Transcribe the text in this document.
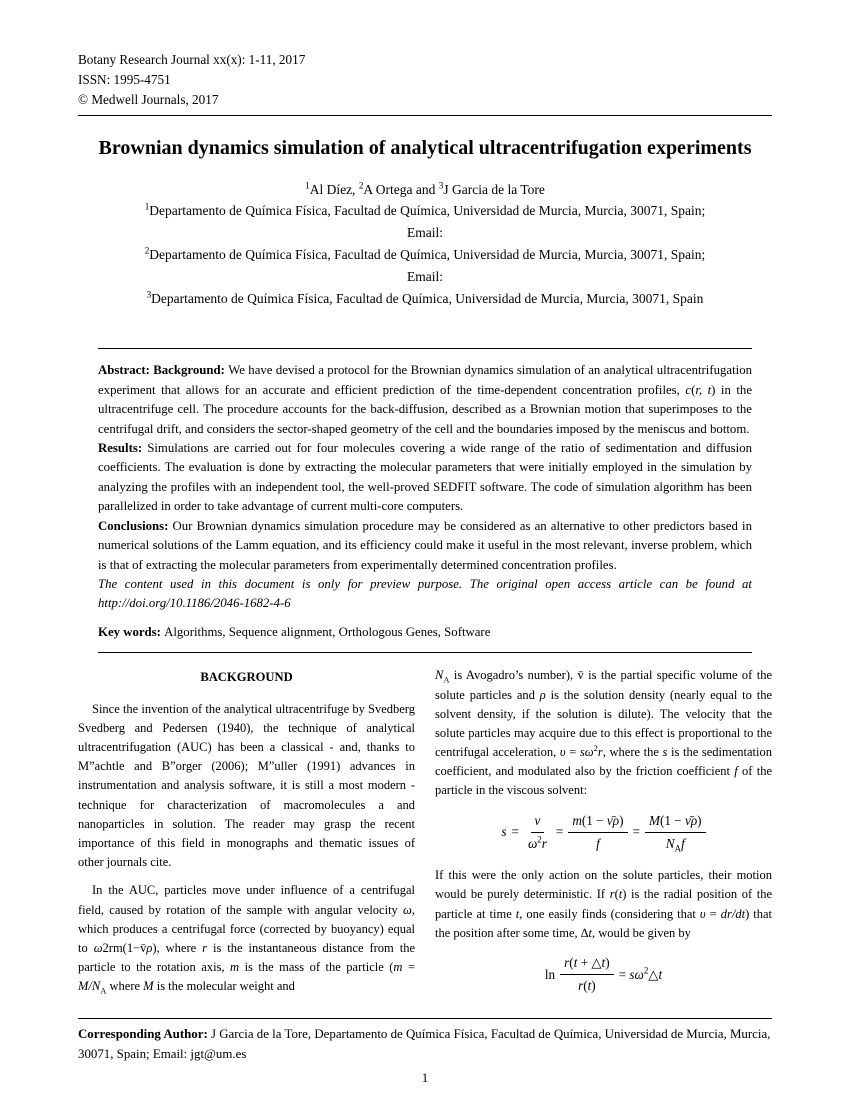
Botany Research Journal xx(x): 1-11, 2017
ISSN: 1995-4751
© Medwell Journals, 2017
Brownian dynamics simulation of analytical ultracentrifugation experiments
$^1$Al Díez, $^2$A Ortega and $^3$J Garcia de la Tore
$^1$Departamento de Química Física, Facultad de Química, Universidad de Murcia, Murcia, 30071, Spain;
Email:
$^2$Departamento de Química Física, Facultad de Química, Universidad de Murcia, Murcia, 30071, Spain;
Email:
$^3$Departamento de Química Física, Facultad de Química, Universidad de Murcia, Murcia, 30071, Spain

Abstract: Background: We have devised a protocol for the Brownian dynamics simulation of an analytical ultracentrifugation experiment that allows for an accurate and efficient prediction of the time-dependent concentration profiles, c(r, t) in the ultracentrifuge cell. The procedure accounts for the back-diffusion, described as a Brownian motion that superimposes to the centrifugal drift, and considers the sector-shaped geometry of the cell and the boundaries imposed by the meniscus and bottom.

Results: Simulations are carried out for four molecules covering a wide range of the ratio of sedimentation and diffusion coefficients. The evaluation is done by extracting the molecular parameters that were initially employed in the simulation by analyzing the profiles with an independent tool, the well-proved SEDFIT software. The code of simulation algorithm has been parallelized in order to take advantage of current multi-core computers.

Conclusions: Our Brownian dynamics simulation procedure may be considered as an alternative to other predictors based in numerical solutions of the Lamm equation, and its efficiency could make it useful in the most relevant, inverse problem, which is that of extracting the molecular parameters from experimentally determined concentration profiles.

The content used in this document is only for preview purpose. The original open access article can be found at http://doi.org/10.1186/2046-1682-4-6

Key words: Algorithms, Sequence alignment, Orthologous Genes, Software

BACKGROUND

Since the invention of the analytical ultracentrifuge by Svedberg Svedberg and Pedersen (1940), the technique of analytical ultracentrifugation (AUC) has been a classical - and, thanks to M”achtle and B”orger (2006); M”uller (1991) advances in instrumentation and analysis software, it is still a most modern - technique for characterization of macromolecules a and nanoparticles in solution. The reader may grasp the recent importance of this field in monographs and thematic issues of other journals cite.

In the AUC, particles move under influence of a centrifugal field, caused by rotation of the sample with angular velocity ω, which produces a centrifugal force (corrected by buoyancy) equal to ω2rm(1−v̄ρ), where r is the instantaneous distance from the particle to the rotation axis, m is the mass of the particle ($m = M/N_A$ where M is the molecular weight and

$N_A$ is Avogadro’s number), v̄ is the partial specific volume of the solute particles and ρ is the solution density (nearly equal to the solvent density, if the solution is dilute). The velocity that the solute particles may acquire due to this effect is proportional to the centrifugal acceleration, $\upsilon = s\omega^2r$, where the s is the sedimentation coefficient, and modulated also by the friction coefficient f of the particle in the viscous solvent:

$s = \frac{\nu}{\omega^2r} = \frac{m(1 - \nū\rho)}{f} = \frac{M(1 - \nū\rho)}{N_Af}$

If this were the only action on the solute particles, their motion would be purely deterministic. If r(t) is the radial position of the particle at time t, one easily finds (considering that υ = dr/dt) that the position after some time, ∆t, would be given by

$\ln \frac{r(t + \triangle t)}{r(t)}$ = $s\omega^2\triangle t$
Corresponding Author: J Garcia de la Tore, Departamento de Química Física, Facultad de Química, Universidad de Murcia, Murcia, 30071, Spain; Email: jgt@um.es
1
